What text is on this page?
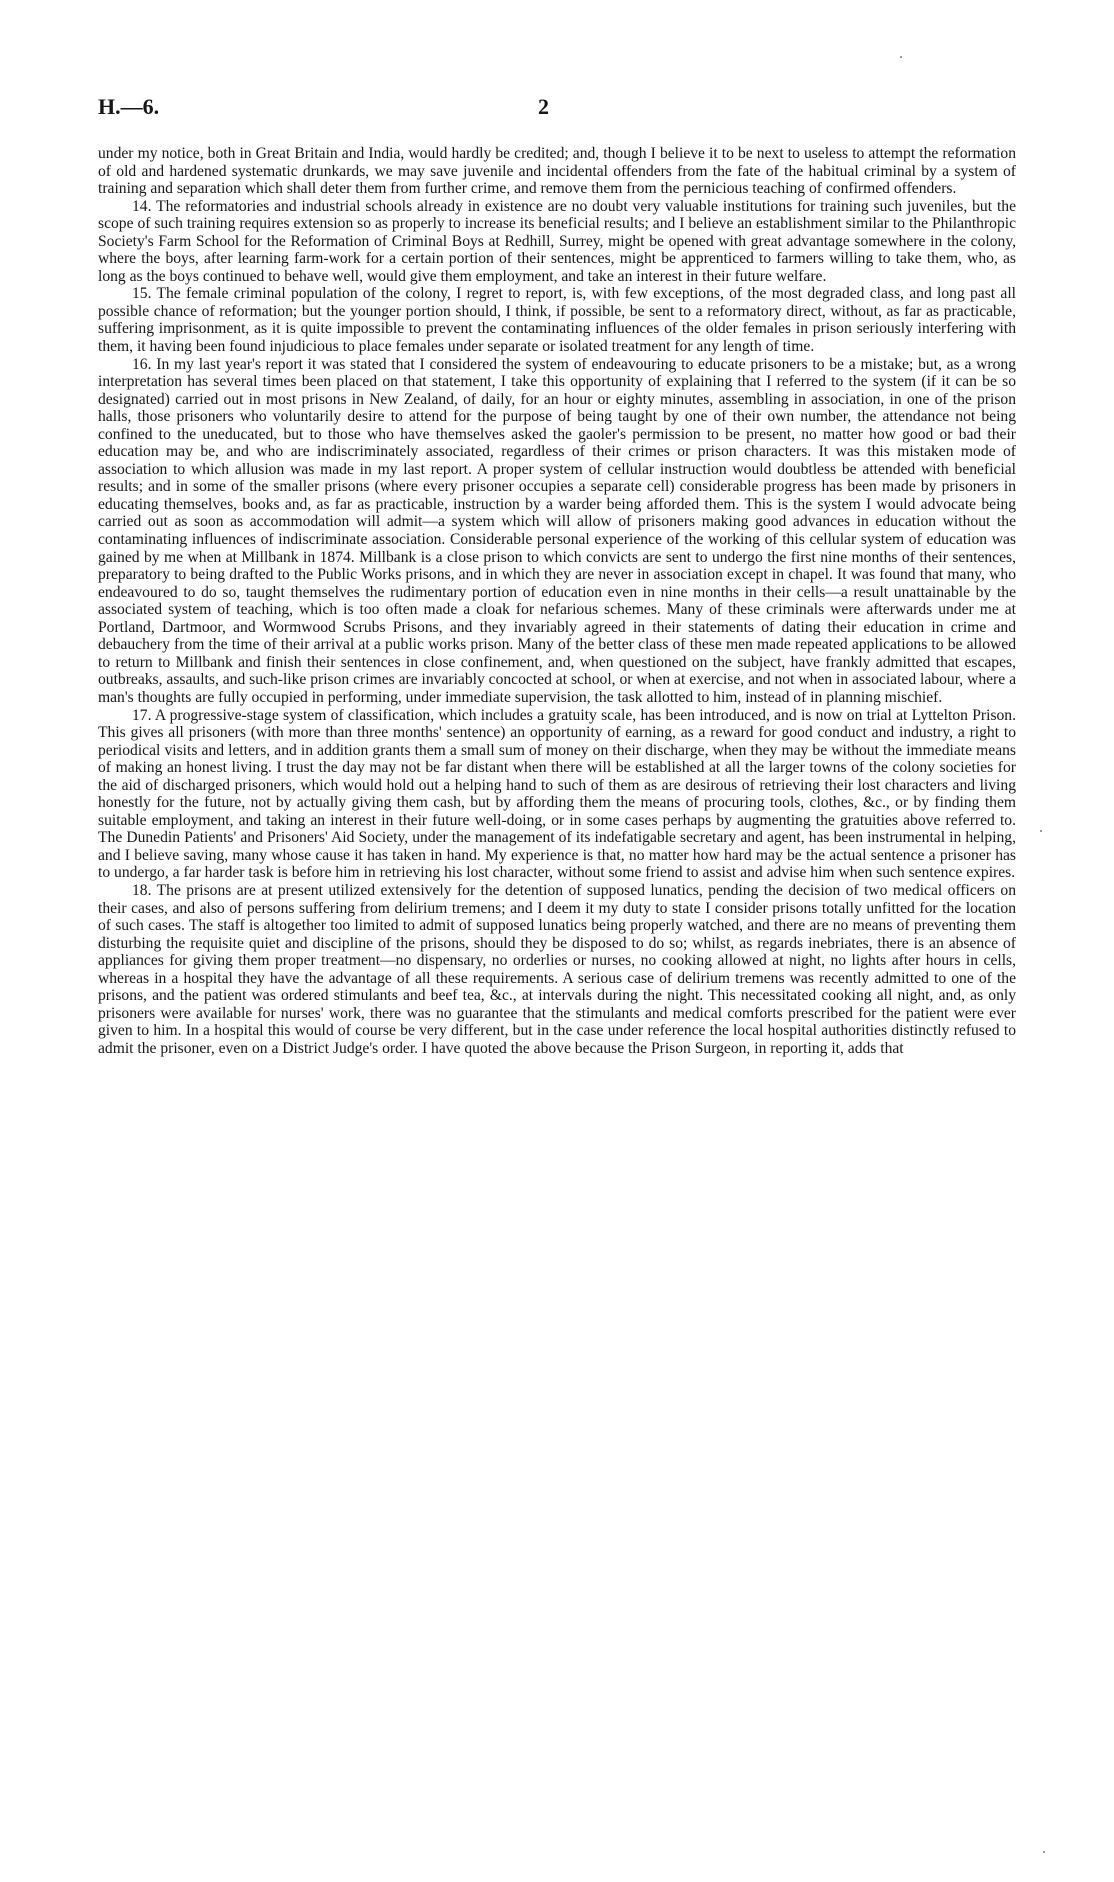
H.—6.	2

under my notice, both in Great Britain and India, would hardly be credited; and, though I believe it to be next to useless to attempt the reformation of old and hardened systematic drunkards, we may save juvenile and incidental offenders from the fate of the habitual criminal by a system of training and separation which shall deter them from further crime, and remove them from the pernicious teaching of confirmed offenders.

14. The reformatories and industrial schools already in existence are no doubt very valuable institutions for training such juveniles, but the scope of such training requires extension so as properly to increase its beneficial results; and I believe an establishment similar to the Philanthropic Society's Farm School for the Reformation of Criminal Boys at Redhill, Surrey, might be opened with great advantage somewhere in the colony, where the boys, after learning farm-work for a certain portion of their sentences, might be apprenticed to farmers willing to take them, who, as long as the boys continued to behave well, would give them employment, and take an interest in their future welfare.

15. The female criminal population of the colony, I regret to report, is, with few exceptions, of the most degraded class, and long past all possible chance of reformation; but the younger portion should, I think, if possible, be sent to a reformatory direct, without, as far as practicable, suffering imprisonment, as it is quite impossible to prevent the contaminating influences of the older females in prison seriously interfering with them, it having been found injudicious to place females under separate or isolated treatment for any length of time.

16. In my last year's report it was stated that I considered the system of endeavouring to educate prisoners to be a mistake; but, as a wrong interpretation has several times been placed on that statement, I take this opportunity of explaining that I referred to the system (if it can be so designated) carried out in most prisons in New Zealand, of daily, for an hour or eighty minutes, assembling in association, in one of the prison halls, those prisoners who voluntarily desire to attend for the purpose of being taught by one of their own number, the attendance not being confined to the uneducated, but to those who have themselves asked the gaoler's permission to be present, no matter how good or bad their education may be, and who are indiscriminately associated, regardless of their crimes or prison characters. It was this mistaken mode of association to which allusion was made in my last report. A proper system of cellular instruction would doubtless be attended with beneficial results; and in some of the smaller prisons (where every prisoner occupies a separate cell) considerable progress has been made by prisoners in educating themselves, books and, as far as practicable, instruction by a warder being afforded them. This is the system I would advocate being carried out as soon as accommodation will admit—a system which will allow of prisoners making good advances in education without the contaminating influences of indiscriminate association. Considerable personal experience of the working of this cellular system of education was gained by me when at Millbank in 1874. Millbank is a close prison to which convicts are sent to undergo the first nine months of their sentences, preparatory to being drafted to the Public Works prisons, and in which they are never in association except in chapel. It was found that many, who endeavoured to do so, taught themselves the rudimentary portion of education even in nine months in their cells—a result unattainable by the associated system of teaching, which is too often made a cloak for nefarious schemes. Many of these criminals were afterwards under me at Portland, Dartmoor, and Wormwood Scrubs Prisons, and they invariably agreed in their statements of dating their education in crime and debauchery from the time of their arrival at a public works prison. Many of the better class of these men made repeated applications to be allowed to return to Millbank and finish their sentences in close confinement, and, when questioned on the subject, have frankly admitted that escapes, outbreaks, assaults, and such-like prison crimes are invariably concocted at school, or when at exercise, and not when in associated labour, where a man's thoughts are fully occupied in performing, under immediate supervision, the task allotted to him, instead of in planning mischief.

17. A progressive-stage system of classification, which includes a gratuity scale, has been introduced, and is now on trial at Lyttelton Prison. This gives all prisoners (with more than three months' sentence) an opportunity of earning, as a reward for good conduct and industry, a right to periodical visits and letters, and in addition grants them a small sum of money on their discharge, when they may be without the immediate means of making an honest living. I trust the day may not be far distant when there will be established at all the larger towns of the colony societies for the aid of discharged prisoners, which would hold out a helping hand to such of them as are desirous of retrieving their lost characters and living honestly for the future, not by actually giving them cash, but by affording them the means of procuring tools, clothes, &c., or by finding them suitable employment, and taking an interest in their future well-doing, or in some cases perhaps by augmenting the gratuities above referred to. The Dunedin Patients' and Prisoners' Aid Society, under the management of its indefatigable secretary and agent, has been instrumental in helping, and I believe saving, many whose cause it has taken in hand. My experience is that, no matter how hard may be the actual sentence a prisoner has to undergo, a far harder task is before him in retrieving his lost character, without some friend to assist and advise him when such sentence expires.

18. The prisons are at present utilized extensively for the detention of supposed lunatics, pending the decision of two medical officers on their cases, and also of persons suffering from delirium tremens; and I deem it my duty to state I consider prisons totally unfitted for the location of such cases. The staff is altogether too limited to admit of supposed lunatics being properly watched, and there are no means of preventing them disturbing the requisite quiet and discipline of the prisons, should they be disposed to do so; whilst, as regards inebriates, there is an absence of appliances for giving them proper treatment—no dispensary, no orderlies or nurses, no cooking allowed at night, no lights after hours in cells, whereas in a hospital they have the advantage of all these requirements. A serious case of delirium tremens was recently admitted to one of the prisons, and the patient was ordered stimulants and beef tea, &c., at intervals during the night. This necessitated cooking all night, and, as only prisoners were available for nurses' work, there was no guarantee that the stimulants and medical comforts prescribed for the patient were ever given to him. In a hospital this would of course be very different, but in the case under reference the local hospital authorities distinctly refused to admit the prisoner, even on a District Judge's order. I have quoted the above because the Prison Surgeon, in reporting it, adds that
